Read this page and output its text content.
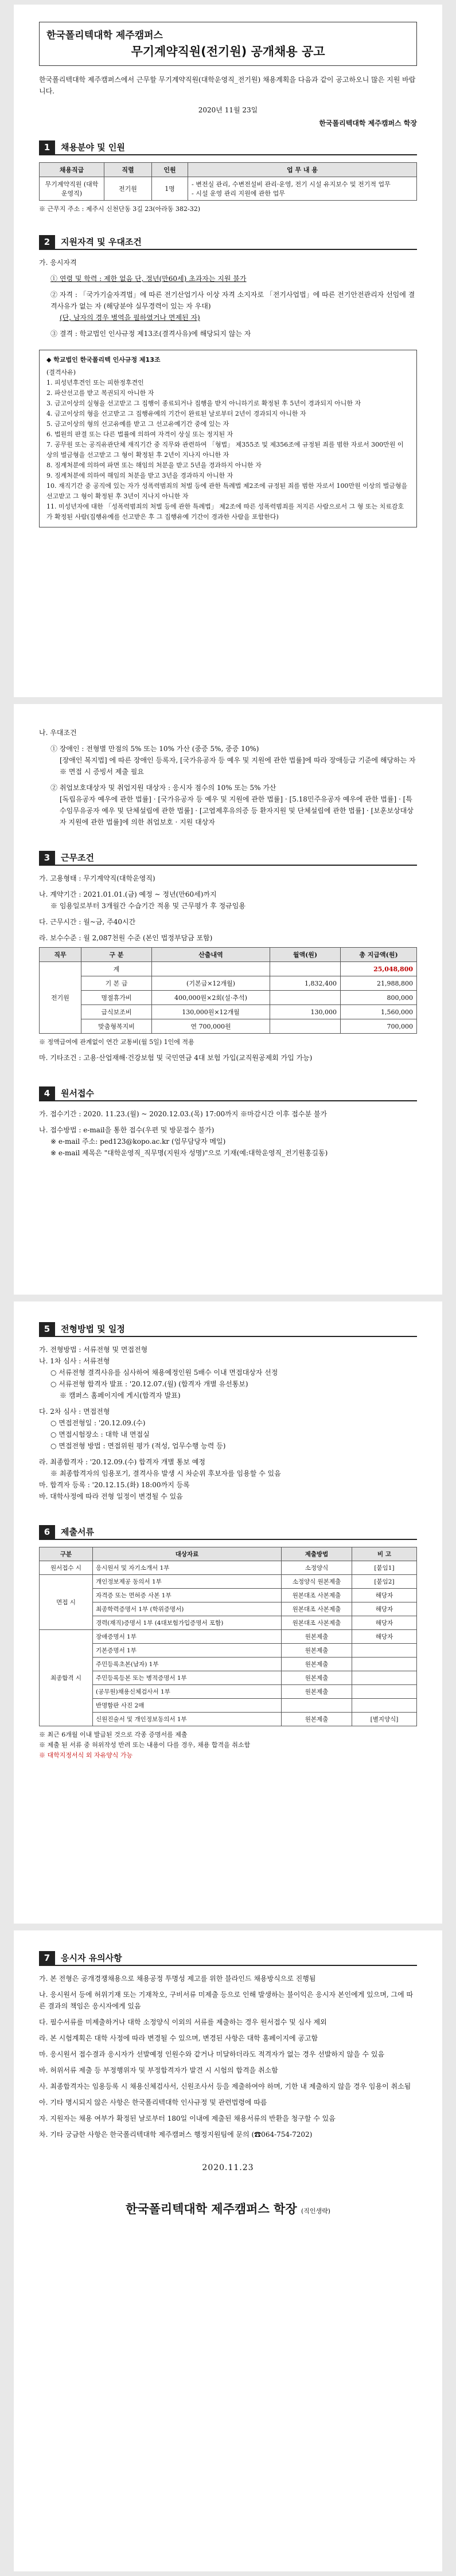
한국폴리텍대학 제주캠퍼스
무기계약직원(전기원) 공개채용 공고
한국폴리텍대학 제주캠퍼스에서 근무할 무기계약직원(대학운영직_전기원) 채용계획을 다음과 같이 공고하오니 많은 지원 바랍니다.
2020년 11월 23일
한국폴리텍대학 제주캠퍼스 학장
1	채용분야 및 인원
채용직급	직렬	인원	업 무 내 용
무기계약직원 (대학운영직)	전기원	1명	- 변전실 관리, 수변전설비 관리·운영, 전기 시설 유지보수 및 전기적 업무
- 시설 운영 관리 지원에 관한 업무
※ 근무지 주소 : 제주시 신천단동 3길 23(아라동 382-32)
2	지원자격 및 우대조건
가. 응시자격
① 연령 및 학력 : 제한 없음 단, 정년(만60세) 초과자는 지원 불가
② 자격 : 「국가기술자격법」에 따른 전기산업기사 이상 자격 소지자로 「전기사업법」에 따른 전기안전관리자 선임에 결격사유가 없는 자 (해당분야 실무경력이 있는 자 우대)
(단, 남자의 경우 병역을 필하였거나 면제된 자)
③ 결격 : 학교법인 인사규정 제13조(결격사유)에 해당되지 않는 자
◆ 학교법인 한국폴리텍 인사규정 제13조
(결격사유)
1. 피성년후견인 또는 피한정후견인
2. 파산선고를 받고 복권되지 아니한 자
3. 금고이상의 실형을 선고받고 그 집행이 종료되거나 집행을 받지 아니하기로 확정된 후 5년이 경과되지 아니한 자
4. 금고이상의 형을 선고받고 그 집행유예의 기간이 완료된 날로부터 2년이 경과되지 아니한 자
5. 금고이상의 형의 선고유예를 받고 그 선고유예기간 중에 있는 자
6. 법원의 판결 또는 다른 법률에 의하여 자격이 상실 또는 정지된 자
7. 공무원 또는 공직유관단체 재직기간 중 직무와 관련하여 「형법」 제355조 및 제356조에 규정된 죄를 범한 자로서 300만원 이상의 벌금형을 선고받고 그 형이 확정된 후 2년이 지나지 아니한 자
8. 징계처분에 의하여 파면 또는 해임의 처분을 받고 5년을 경과하지 아니한 자
9. 징계처분에 의하여 해임의 처분을 받고 3년을 경과하지 아니한 자
10. 재직기간 중 공직에 있는 자가 성폭력범죄의 처벌 등에 관한 특례법 제2조에 규정된 죄를 범한 자로서 100만원 이상의 벌금형을 선고받고 그 형이 확정된 후 3년이 지나지 아니한 자
11. 미성년자에 대한 「성폭력범죄의 처벌 등에 관한 특례법」 제2조에 따른 성폭력범죄를 저지른 사람으로서 그 형 또는 치료감호가 확정된 사람(집행유예를 선고받은 후 그 집행유예 기간이 경과한 사람을 포함한다)
나. 우대조건
① 장애인 : 전형별 만점의 5% 또는 10% 가산 (중증 5%, 중증 10%)
[장애인 복지법] 에 따른 장애인 등록자, [국가유공자 등 예우 및 지원에 관한 법률]에 따라 장애등급 기준에 해당하는 자
※ 면접 시 증빙서 제출 필요
② 취업보호대상자 및 취업지원 대상자 : 응시자 점수의 10% 또는 5% 가산
[독립유공자 예우에 관한 법률] · [국가유공자 등 예우 및 지원에 관한 법률] · [5.18민주유공자 예우에 관한 법률] · [특수임무유공자 예우 및 단체설립에 관한 법률] · [고엽제후유의증 등 환자지원 및 단체설립에 관한 법률] · [보훈보상대상자 지원에 관한 법률]에 의한 취업보호 · 지원 대상자
3	근무조건
가. 고용형태 : 무기계약직(대학운영직)
나. 계약기간 : 2021.01.01.(금) 예정 ~ 정년(만60세)까지
※ 임용일로부터 3개월간 수습기간 적용 및 근무평가 후 정규임용
다. 근무시간 : 월~금, 주40시간
라. 보수수준 : 월 2,087천원 수준 (본인 법정부담금 포함)
직무	구 분	산출내역	월액(원)	총 지급액(원)
전기원	계			25,048,800
	기 본 급	(기본급×12개월)	1,832,400	21,988,800
	명절휴가비	400,000원×2회(설·추석)		800,000
	급식보조비	130,000원×12개월	130,000	1,560,000
	맞춤형복지비	연 700,000원		700,000
※ 정액급여에 관계없이 연간 교통비(월 5일) 1인에 적용
마. 기타조건 : 고용·산업재해·건강보험 및 국민연금 4대 보험 가입(교직원공제회 가입 가능)
4	원서접수
가. 접수기간 : 2020. 11.23.(월) ~ 2020.12.03.(목) 17:00까지 ※마감시간 이후 접수분 불가
나. 접수방법 : e-mail을 통한 접수(우편 및 방문접수 불가)
※ e-mail 주소: ped123@kopo.ac.kr (업무담당자 메일)
※ e-mail 제목은 "대학운영직_직무명(지원자 성명)"으로 기재(예:대학운영직_전기원홍길동)
5	전형방법 및 일정
가. 전형방법 : 서류전형 및 면접전형
나. 1차 심사 : 서류전형
○ 서류전형 결격사유를 심사하여 채용예정인원 5배수 이내 면접대상자 선정
○ 서류전형 합격자 발표 : '20.12.07.(월) (합격자 개별 유선통보)
※ 캠퍼스 홈페이지에 게시(합격자 발표)
다. 2차 심사 : 면접전형
○ 면접전형일 : '20.12.09.(수)
○ 면접시험장소 : 대학 내 면접실
○ 면접전형 방법 : 면접위원 평가 (적성, 업무수행 능력 등)
라. 최종합격자 : '20.12.09.(수) 합격자 개별 통보 예정
※ 최종합격자의 임용포기, 결격사유 발생 시 차순위 후보자를 임용할 수 있음
마. 합격자 등록 : '20.12.15.(화) 18:00까지 등록
바. 대학사정에 따라 전형 일정이 변경될 수 있음
6	제출서류
구분	대상자료	제출방법	비 고
원서접수 시	응시원서 및 자기소개서 1부	소정양식	[붙임1]
면접 시	개인정보제공 동의서 1부	소정양식 원본제출	[붙임2]
	자격증 또는 면허증 사본 1부	원본대조 사본제출	해당자
	최종학력증명서 1부 (학위증명서)	원본대조 사본제출	해당자
	경력(재직)증명서 1부 (4대보험가입증명서 포함)	원본대조 사본제출	해당자
최종합격 시	장애증명서 1부	원본제출	해당자
	기본증명서 1부	원본제출	
	주민등록초본(남자) 1부	원본제출	
	주민등록등본 또는 병적증명서 1부	원본제출	
	(공무원)채용신체검사서 1부	원본제출	
	반명함판 사진 2매		
	신원진술서 및 개인정보동의서 1부	원본제출	[별지양식]
※ 최근 6개월 이내 발급된 것으로 각종 증명서를 제출
※ 제출 된 서류 중 허위작성 반려 또는 내용이 다를 경우, 채용 합격을 취소함
※ 대학지정서식 외 자유양식 가능
7	응시자 유의사항
가. 본 전형은 공개경쟁채용으로 채용공정 투명성 제고를 위한 블라인드 채용방식으로 진행됨
나. 응시원서 등에 허위기재 또는 기재착오, 구비서류 미제출 등으로 인해 발생하는 불이익은 응시자 본인에게 있으며, 그에 따른 결과의 책임은 응시자에게 있음
다. 필수서류를 미제출하거나 대학 소정양식 이외의 서류를 제출하는 경우 원서접수 및 심사 제외
라. 본 시험계획은 대학 사정에 따라 변경될 수 있으며, 변경된 사항은 대학 홈페이지에 공고함
마. 응시원서 접수결과 응시자가 선발예정 인원수와 같거나 미달하더라도 적격자가 없는 경우 선발하지 않을 수 있음
바. 허위서류 제출 등 부정행위자 및 부정합격자가 발견 시 시험의 합격을 취소함
사. 최종합격자는 임용등록 시 채용신체검사서, 신원조사서 등을 제출하여야 하며, 기한 내 제출하지 않을 경우 임용이 취소됨
아. 기타 명시되지 않은 사항은 한국폴리텍대학 인사규정 및 관련법령에 따름
자. 지원자는 채용 여부가 확정된 날로부터 180일 이내에 제출된 채용서류의 반환을 청구할 수 있음
차. 기타 궁금한 사항은 한국폴리텍대학 제주캠퍼스 행정지원팀에 문의 (☎064-754-7202)
2020.11.23
한국폴리텍대학 제주캠퍼스 학장 (직인생략)
